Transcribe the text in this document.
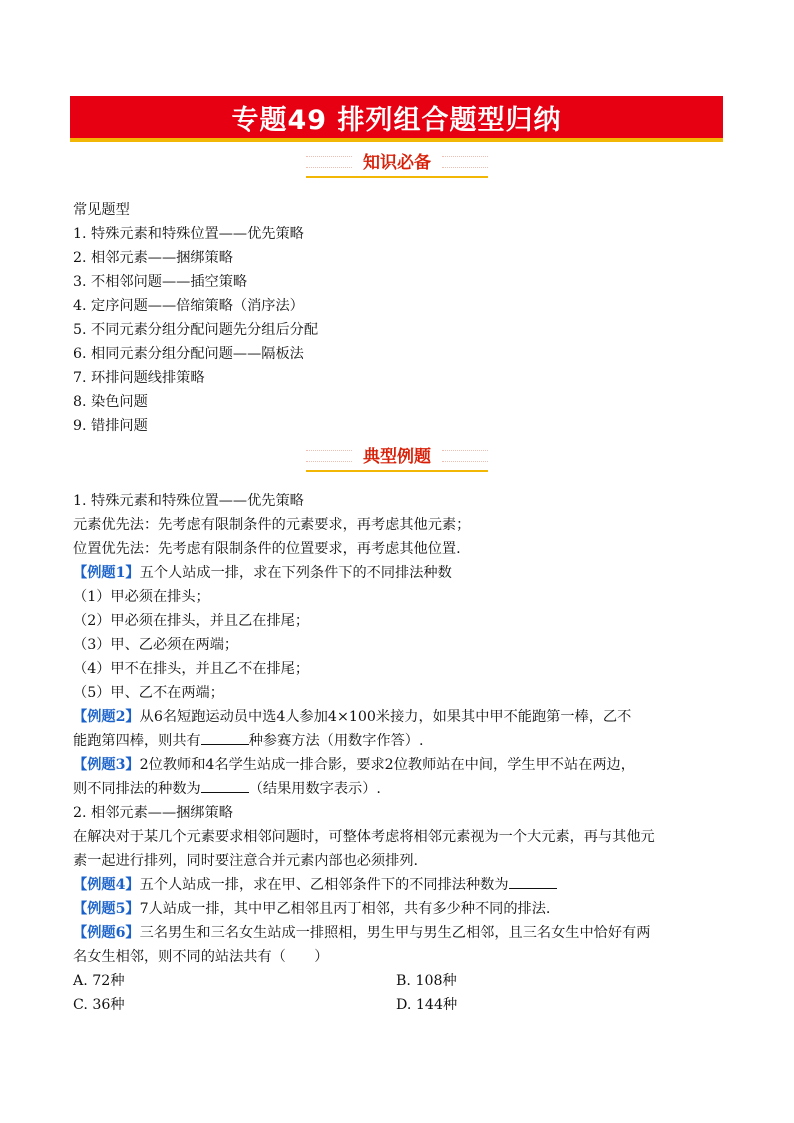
专题49 排列组合题型归纳
知识必备
常见题型
1. 特殊元素和特殊位置——优先策略
2. 相邻元素——捆绑策略
3. 不相邻问题——插空策略
4. 定序问题——倍缩策略（消序法）
5. 不同元素分组分配问题先分组后分配
6. 相同元素分组分配问题——隔板法
7. 环排问题线排策略
8. 染色问题
9. 错排问题
典型例题
1. 特殊元素和特殊位置——优先策略
元素优先法：先考虑有限制条件的元素要求，再考虑其他元素；
位置优先法：先考虑有限制条件的位置要求，再考虑其他位置.
【例题1】五个人站成一排，求在下列条件下的不同排法种数
（1）甲必须在排头；
（2）甲必须在排头，并且乙在排尾；
（3）甲、乙必须在两端；
（4）甲不在排头，并且乙不在排尾；
（5）甲、乙不在两端；
【例题2】从6名短跑运动员中选4人参加4×100米接力，如果其中甲不能跑第一棒，乙不
能跑第四棒，则共有	种参赛方法（用数字作答）.
【例题3】2位教师和4名学生站成一排合影，要求2位教师站在中间，学生甲不站在两边，
则不同排法的种数为	（结果用数字表示）.
2. 相邻元素——捆绑策略
在解决对于某几个元素要求相邻问题时，可整体考虑将相邻元素视为一个大元素，再与其他元
素一起进行排列，同时要注意合并元素内部也必须排列.
【例题4】五个人站成一排，求在甲、乙相邻条件下的不同排法种数为
【例题5】7人站成一排，其中甲乙相邻且丙丁相邻，共有多少种不同的排法.
【例题6】三名男生和三名女生站成一排照相，男生甲与男生乙相邻，且三名女生中恰好有两
名女生相邻，则不同的站法共有（　　）
A. 72种	B. 108种
C. 36种	D. 144种
